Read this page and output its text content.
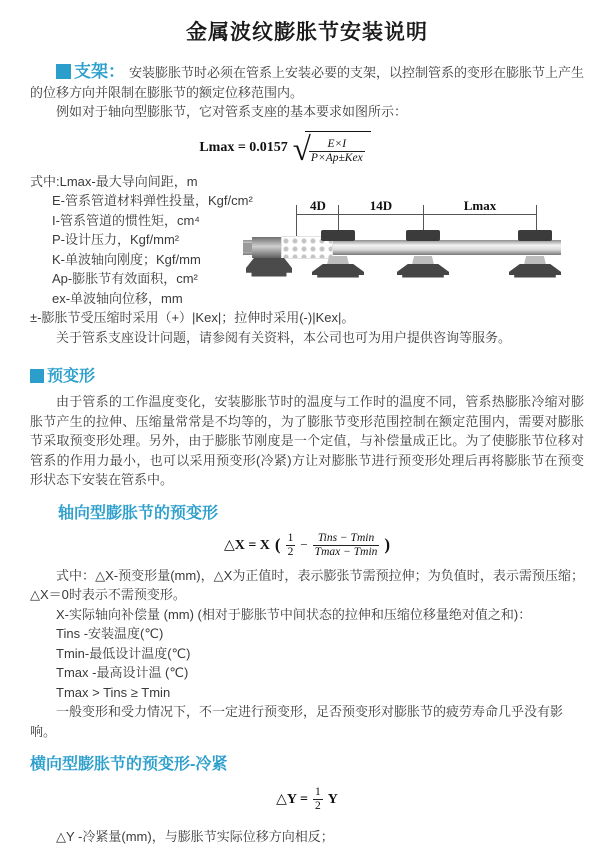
金属波纹膨胀节安装说明

支架： 安装膨胀节时必须在管系上安装必要的支架，以控制管系的变形在膨胀节上产生的位移方向并限制在膨胀节的额定位移范围内。

例如对于轴向型膨胀节，它对管系支座的基本要求如图所示：

Lmax = 0.0157 √
$\frac{E\times I}{\text{P×Ap±Kex}}$
式中:Lmax-最大导向间距，m
E-管系管道材料弹性投量，Kgf/cm²
I-管系管道的惯性矩，cm⁴
P-设计压力，Kgf/mm²
K-单波轴向刚度；Kgf/mm
Ap-膨胀节有效面积，cm²
ex-单波轴向位移，mm
±-膨胀节受压缩时采用（+）|Kex|；拉伸时采用(-)|Kex|。
关于管系支座设计问题，请参阅有关资料，本公司也可为用户提供咨询等服务。
4D	14D	Lmax
预变形

由于管系的工作温度变化，安装膨胀节时的温度与工作时的温度不同，管系热膨胀冷缩对膨胀节产生的拉伸、压缩量常常是不均等的，为了膨胀节变形范围控制在额定范围内，需要对膨胀节采取预变形处理。另外，由于膨胀节刚度是一个定值，与补偿量成正比。为了使膨胀节位移对管系的作用力最小，也可以采用预变形(冷紧)方让对膨胀节进行预变形处理后再将膨胀节在预变形状态下安装在管系中。

轴向型膨胀节的预变形
△X = X ( $\frac{1}{2} - \frac{\text{Tins − Tmin}}{Tmax - Tmin}$ )

式中：△X-预变形量(mm)，△X为正值时，表示膨张节需预拉伸；为负值时，表示需预压缩；△X＝0时表示不需预变形。

X-实际轴向补偿量 (mm) (相对于膨胀节中间状态的拉伸和压缩位移量绝对值之和)：
Tins -安装温度(℃)
Tmin-最低设计温度(℃)
Tmax -最高设计温 (℃)
Tmax > Tins ≥ Tmin
一般变形和受力情况下，不一定进行预变形，足否预变形对膨胀节的疲劳寿命几乎没有影响。
横向型膨胀节的预变形-冷紧
△Y = $\frac{1}{2}$ Y
△Y -冷紧量(mm)，与膨胀节实际位移方向相反；
